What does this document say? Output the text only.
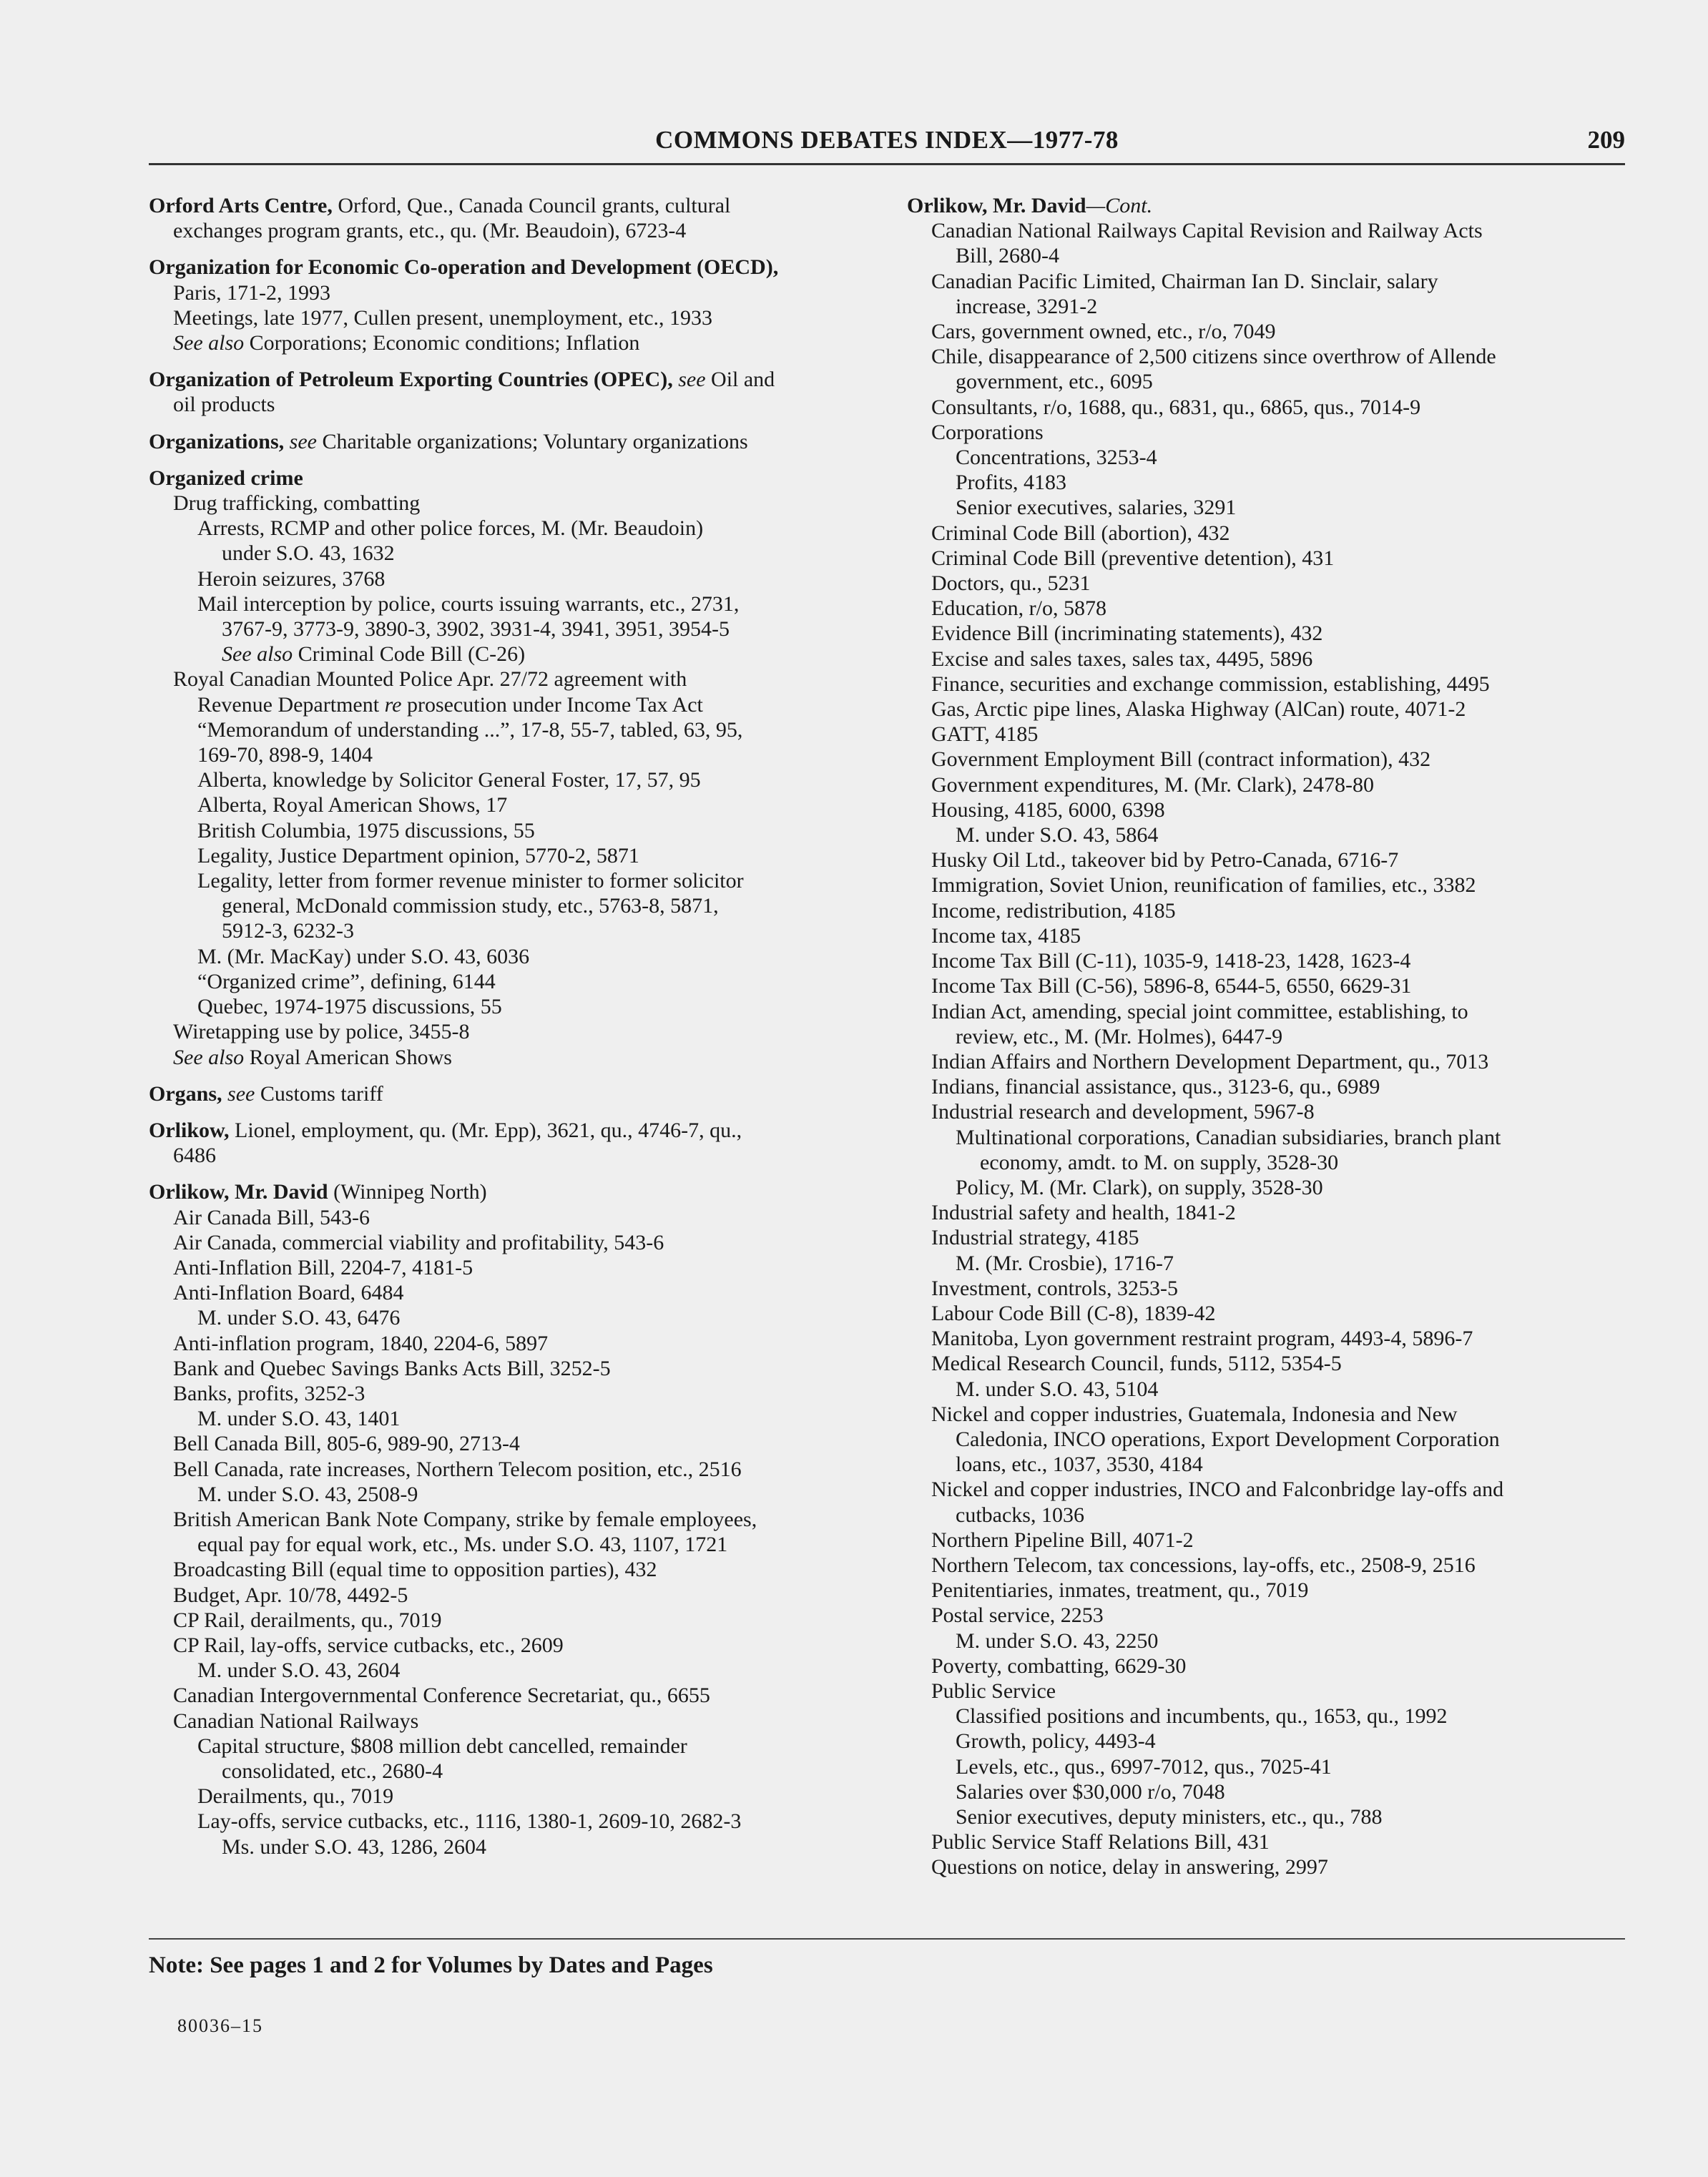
COMMONS DEBATES INDEX—1977-78	209
Orford Arts Centre, Orford, Que., Canada Council grants, cultural
exchanges program grants, etc., qu. (Mr. Beaudoin), 6723-4
Organization for Economic Co-operation and Development (OECD),
Paris, 171-2, 1993
Meetings, late 1977, Cullen present, unemployment, etc., 1933
See also Corporations; Economic conditions; Inflation
Organization of Petroleum Exporting Countries (OPEC), see Oil and
oil products
Organizations, see Charitable organizations; Voluntary organizations
Organized crime
Drug trafficking, combatting
Arrests, RCMP and other police forces, M. (Mr. Beaudoin)
under S.O. 43, 1632
Heroin seizures, 3768
Mail interception by police, courts issuing warrants, etc., 2731,
3767-9, 3773-9, 3890-3, 3902, 3931-4, 3941, 3951, 3954-5
See also Criminal Code Bill (C-26)
Royal Canadian Mounted Police Apr. 27/72 agreement with
Revenue Department re prosecution under Income Tax Act
“Memorandum of understanding ...”, 17-8, 55-7, tabled, 63, 95,
169-70, 898-9, 1404
Alberta, knowledge by Solicitor General Foster, 17, 57, 95
Alberta, Royal American Shows, 17
British Columbia, 1975 discussions, 55
Legality, Justice Department opinion, 5770-2, 5871
Legality, letter from former revenue minister to former solicitor
general, McDonald commission study, etc., 5763-8, 5871,
5912-3, 6232-3
M. (Mr. MacKay) under S.O. 43, 6036
“Organized crime”, defining, 6144
Quebec, 1974-1975 discussions, 55
Wiretapping use by police, 3455-8
See also Royal American Shows
Organs, see Customs tariff
Orlikow, Lionel, employment, qu. (Mr. Epp), 3621, qu., 4746-7, qu.,
6486
Orlikow, Mr. David (Winnipeg North)
Air Canada Bill, 543-6
Air Canada, commercial viability and profitability, 543-6
Anti-Inflation Bill, 2204-7, 4181-5
Anti-Inflation Board, 6484
M. under S.O. 43, 6476
Anti-inflation program, 1840, 2204-6, 5897
Bank and Quebec Savings Banks Acts Bill, 3252-5
Banks, profits, 3252-3
M. under S.O. 43, 1401
Bell Canada Bill, 805-6, 989-90, 2713-4
Bell Canada, rate increases, Northern Telecom position, etc., 2516
M. under S.O. 43, 2508-9
British American Bank Note Company, strike by female employees,
equal pay for equal work, etc., Ms. under S.O. 43, 1107, 1721
Broadcasting Bill (equal time to opposition parties), 432
Budget, Apr. 10/78, 4492-5
CP Rail, derailments, qu., 7019
CP Rail, lay-offs, service cutbacks, etc., 2609
M. under S.O. 43, 2604
Canadian Intergovernmental Conference Secretariat, qu., 6655
Canadian National Railways
Capital structure, $808 million debt cancelled, remainder
consolidated, etc., 2680-4
Derailments, qu., 7019
Lay-offs, service cutbacks, etc., 1116, 1380-1, 2609-10, 2682-3
Ms. under S.O. 43, 1286, 2604
Orlikow, Mr. David—Cont.
Canadian National Railways Capital Revision and Railway Acts
Bill, 2680-4
Canadian Pacific Limited, Chairman Ian D. Sinclair, salary
increase, 3291-2
Cars, government owned, etc., r/o, 7049
Chile, disappearance of 2,500 citizens since overthrow of Allende
government, etc., 6095
Consultants, r/o, 1688, qu., 6831, qu., 6865, qus., 7014-9
Corporations
Concentrations, 3253-4
Profits, 4183
Senior executives, salaries, 3291
Criminal Code Bill (abortion), 432
Criminal Code Bill (preventive detention), 431
Doctors, qu., 5231
Education, r/o, 5878
Evidence Bill (incriminating statements), 432
Excise and sales taxes, sales tax, 4495, 5896
Finance, securities and exchange commission, establishing, 4495
Gas, Arctic pipe lines, Alaska Highway (AlCan) route, 4071-2
GATT, 4185
Government Employment Bill (contract information), 432
Government expenditures, M. (Mr. Clark), 2478-80
Housing, 4185, 6000, 6398
M. under S.O. 43, 5864
Husky Oil Ltd., takeover bid by Petro-Canada, 6716-7
Immigration, Soviet Union, reunification of families, etc., 3382
Income, redistribution, 4185
Income tax, 4185
Income Tax Bill (C-11), 1035-9, 1418-23, 1428, 1623-4
Income Tax Bill (C-56), 5896-8, 6544-5, 6550, 6629-31
Indian Act, amending, special joint committee, establishing, to
review, etc., M. (Mr. Holmes), 6447-9
Indian Affairs and Northern Development Department, qu., 7013
Indians, financial assistance, qus., 3123-6, qu., 6989
Industrial research and development, 5967-8
Multinational corporations, Canadian subsidiaries, branch plant
economy, amdt. to M. on supply, 3528-30
Policy, M. (Mr. Clark), on supply, 3528-30
Industrial safety and health, 1841-2
Industrial strategy, 4185
M. (Mr. Crosbie), 1716-7
Investment, controls, 3253-5
Labour Code Bill (C-8), 1839-42
Manitoba, Lyon government restraint program, 4493-4, 5896-7
Medical Research Council, funds, 5112, 5354-5
M. under S.O. 43, 5104
Nickel and copper industries, Guatemala, Indonesia and New
Caledonia, INCO operations, Export Development Corporation
loans, etc., 1037, 3530, 4184
Nickel and copper industries, INCO and Falconbridge lay-offs and
cutbacks, 1036
Northern Pipeline Bill, 4071-2
Northern Telecom, tax concessions, lay-offs, etc., 2508-9, 2516
Penitentiaries, inmates, treatment, qu., 7019
Postal service, 2253
M. under S.O. 43, 2250
Poverty, combatting, 6629-30
Public Service
Classified positions and incumbents, qu., 1653, qu., 1992
Growth, policy, 4493-4
Levels, etc., qus., 6997-7012, qus., 7025-41
Salaries over $30,000 r/o, 7048
Senior executives, deputy ministers, etc., qu., 788
Public Service Staff Relations Bill, 431
Questions on notice, delay in answering, 2997
Note: See pages 1 and 2 for Volumes by Dates and Pages
80036–15
